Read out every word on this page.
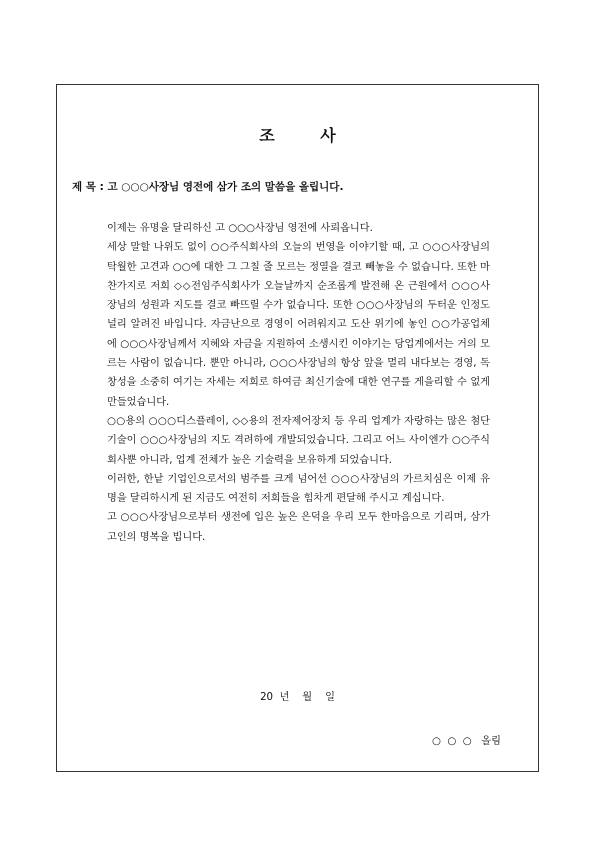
조 사
제 목 : 고 ○○○사장님 영전에 삼가 조의 말씀을 올립니다.

이제는 유명을 달리하신 고 ○○○사장님 영전에 사뢰옵니다.

세상 말할 나위도 없이 ○○주식회사의 오늘의 번영을 이야기할 때, 고 ○○○사장님의 탁월한 고견과 ○○에 대한 그 그칠 줄 모르는 정열을 결코 빼놓을 수 없습니다. 또한 마찬가지로 저희 ◇◇전임주식회사가 오늘날까지 순조롭게 발전해 온 근원에서 ○○○사장님의 성원과 지도를 결코 빠뜨릴 수가 없습니다. 또한 ○○○사장님의 두터운 인정도 널리 알려진 바입니다. 자금난으로 경영이 어려워지고 도산 위기에 놓인 ○○가공업체에 ○○○사장님께서 지혜와 자금을 지원하여 소생시킨 이야기는 당업계에서는 거의 모르는 사람이 없습니다. 뿐만 아니라, ○○○사장님의 항상 앞을 멀리 내다보는 경영, 독창성을 소중히 여기는 자세는 저희로 하여금 최신기술에 대한 연구를 게을리할 수 없게 만들었습니다.

○○용의 ○○○디스플레이, ◇◇용의 전자제어장치 등 우리 업계가 자랑하는 많은 첨단기술이 ○○○사장님의 지도 격려하에 개발되었습니다. 그리고 어느 사이엔가 ○○주식회사뿐 아니라, 업계 전체가 높은 기술력을 보유하게 되었습니다.

이러한, 한낱 기업인으로서의 범주를 크게 넘어선 ○○○사장님의 가르치심은 이제 유명을 달리하시게 된 지금도 여전히 저희들을 힘차게 편달해 주시고 계십니다.

고 ○○○사장님으로부터 생전에 입은 높은 은덕을 우리 모두 한마음으로 기리며, 삼가 고인의 명복을 빕니다.

20  년    월    일
○  ○  ○   올림
